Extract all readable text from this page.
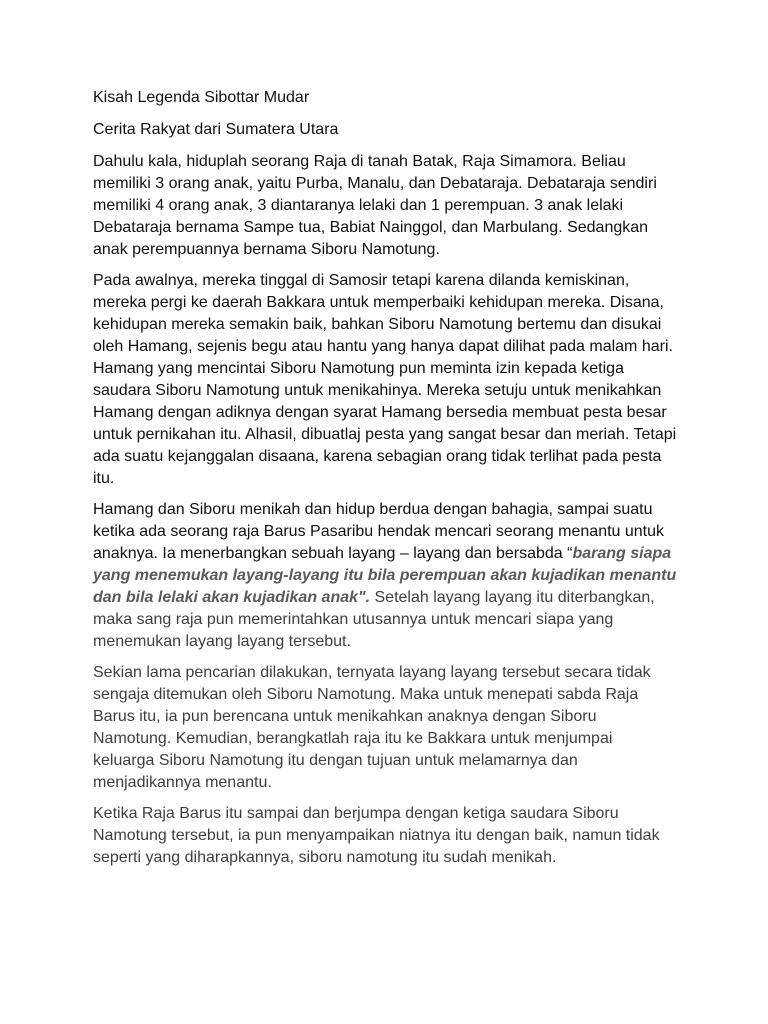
Kisah Legenda Sibottar Mudar

Cerita Rakyat dari Sumatera Utara

Dahulu kala, hiduplah seorang Raja di tanah Batak, Raja Simamora. Beliau memiliki 3 orang anak, yaitu Purba, Manalu, dan Debataraja. Debataraja sendiri memiliki 4 orang anak, 3 diantaranya lelaki dan 1 perempuan. 3 anak lelaki Debataraja bernama Sampe tua, Babiat Nainggol, dan Marbulang. Sedangkan anak perempuannya bernama Siboru Namotung.

Pada awalnya, mereka tinggal di Samosir tetapi karena dilanda kemiskinan, mereka pergi ke daerah Bakkara untuk memperbaiki kehidupan mereka. Disana, kehidupan mereka semakin baik, bahkan Siboru Namotung bertemu dan disukai oleh Hamang, sejenis begu atau hantu yang hanya dapat dilihat pada malam hari. Hamang yang mencintai Siboru Namotung pun meminta izin kepada ketiga saudara Siboru Namotung untuk menikahinya. Mereka setuju untuk menikahkan Hamang dengan adiknya dengan syarat Hamang bersedia membuat pesta besar untuk pernikahan itu. Alhasil, dibuatlaj pesta yang sangat besar dan meriah. Tetapi ada suatu kejanggalan disaana, karena sebagian orang tidak terlihat pada pesta itu.

Hamang dan Siboru menikah dan hidup berdua dengan bahagia, sampai suatu ketika ada seorang raja Barus Pasaribu hendak mencari seorang menantu untuk anaknya. Ia menerbangkan sebuah layang – layang dan bersabda “barang siapa yang menemukan layang-layang itu bila perempuan akan kujadikan menantu dan bila lelaki akan kujadikan anak". Setelah layang layang itu diterbangkan, maka sang raja pun memerintahkan utusannya untuk mencari siapa yang menemukan layang layang tersebut.

Sekian lama pencarian dilakukan, ternyata layang layang tersebut secara tidak sengaja ditemukan oleh Siboru Namotung. Maka untuk menepati sabda Raja Barus itu, ia pun berencana untuk menikahkan anaknya dengan Siboru Namotung. Kemudian, berangkatlah raja itu ke Bakkara untuk menjumpai keluarga Siboru Namotung itu dengan tujuan untuk melamarnya dan menjadikannya menantu.

Ketika Raja Barus itu sampai dan berjumpa dengan ketiga saudara Siboru Namotung tersebut, ia pun menyampaikan niatnya itu dengan baik, namun tidak seperti yang diharapkannya, siboru namotung itu sudah menikah.
